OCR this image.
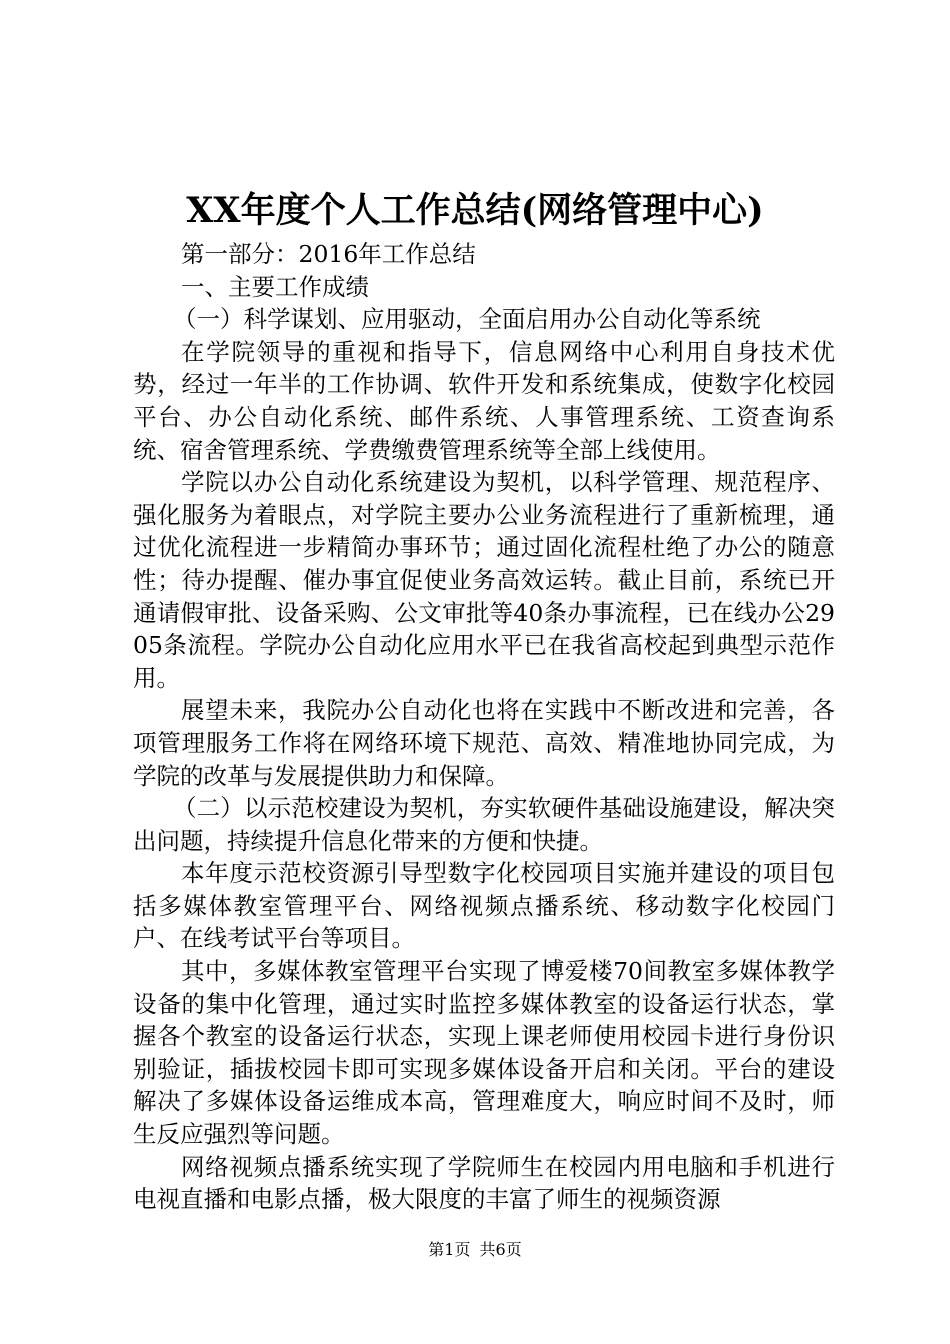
XX年度个人工作总结(网络管理中心)

第一部分：2016年工作总结

一、主要工作成绩

（一）科学谋划、应用驱动，全面启用办公自动化等系统

在学院领导的重视和指导下，信息网络中心利用自身技术优势，经过一年半的工作协调、软件开发和系统集成，使数字化校园平台、办公自动化系统、邮件系统、人事管理系统、工资查询系统、宿舍管理系统、学费缴费管理系统等全部上线使用。

学院以办公自动化系统建设为契机，以科学管理、规范程序、强化服务为着眼点，对学院主要办公业务流程进行了重新梳理，通过优化流程进一步精简办事环节；通过固化流程杜绝了办公的随意性；待办提醒、催办事宜促使业务高效运转。截止目前，系统已开通请假审批、设备采购、公文审批等40条办事流程，已在线办公2905条流程。学院办公自动化应用水平已在我省高校起到典型示范作用。

展望未来，我院办公自动化也将在实践中不断改进和完善，各项管理服务工作将在网络环境下规范、高效、精准地协同完成，为学院的改革与发展提供助力和保障。

（二）以示范校建设为契机，夯实软硬件基础设施建设，解决突出问题，持续提升信息化带来的方便和快捷。

本年度示范校资源引导型数字化校园项目实施并建设的项目包括多媒体教室管理平台、网络视频点播系统、移动数字化校园门户、在线考试平台等项目。

其中，多媒体教室管理平台实现了博爱楼70间教室多媒体教学设备的集中化管理，通过实时监控多媒体教室的设备运行状态，掌握各个教室的设备运行状态，实现上课老师使用校园卡进行身份识别验证，插拔校园卡即可实现多媒体设备开启和关闭。平台的建设解决了多媒体设备运维成本高，管理难度大，响应时间不及时，师生反应强烈等问题。

网络视频点播系统实现了学院师生在校园内用电脑和手机进行电视直播和电影点播，极大限度的丰富了师生的视频资源

第1页 共6页
